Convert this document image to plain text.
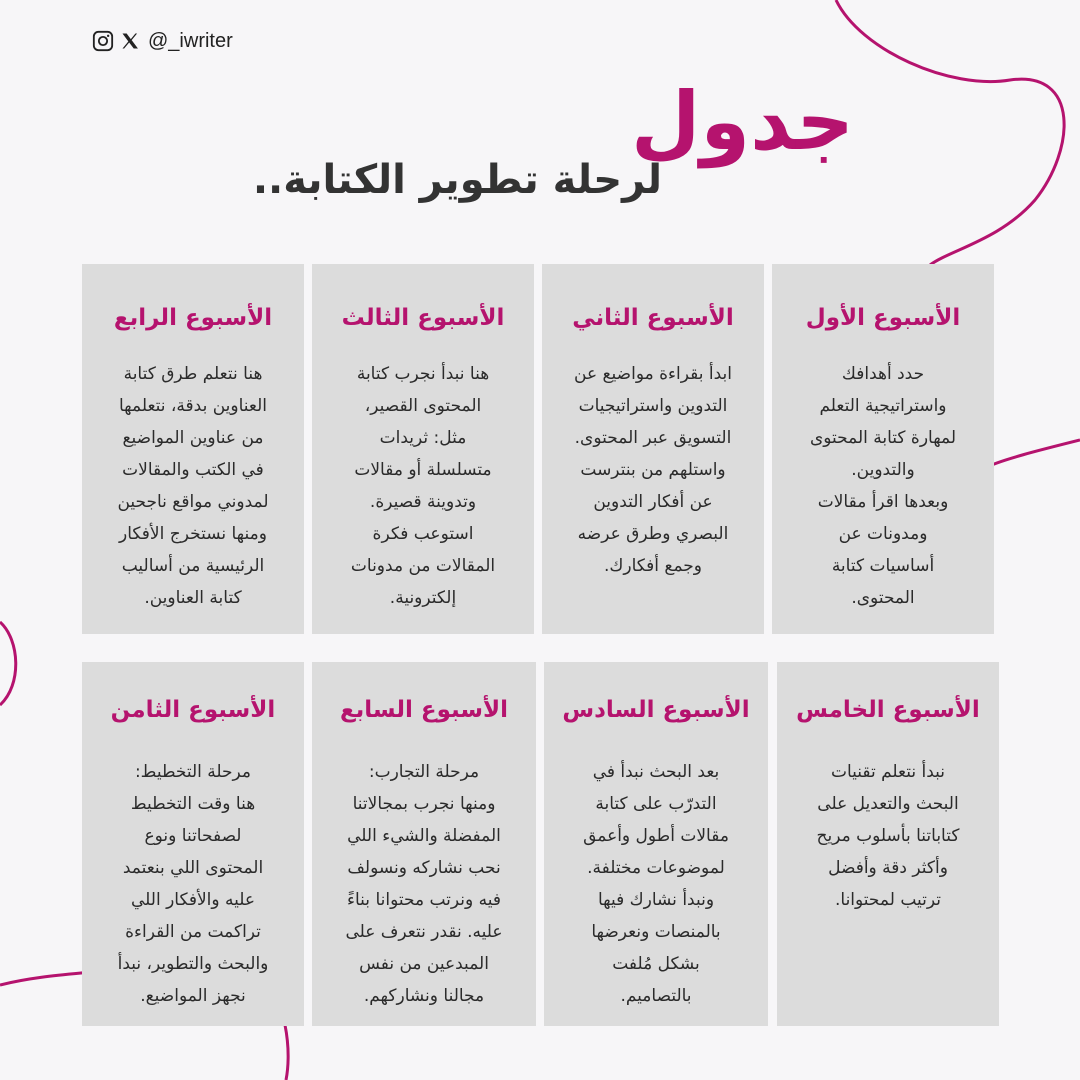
@_iwriter
جدول
لرحلة تطوير الكتابة..
الأسبوع الأول

حدد أهدافك
واستراتيجية التعلم
لمهارة كتابة المحتوى
والتدوين.
وبعدها اقرأ مقالات
ومدونات عن
أساسيات كتابة
المحتوى.

الأسبوع الثاني

ابدأ بقراءة مواضيع عن
التدوين واستراتيجيات
التسويق عبر المحتوى.
واستلهم من بنترست
عن أفكار التدوين
البصري وطرق عرضه
وجمع أفكارك.

الأسبوع الثالث

هنا نبدأ نجرب كتابة
المحتوى القصير،
مثل: ثريدات
متسلسلة أو مقالات
وتدوينة قصيرة.
استوعب فكرة
المقالات من مدونات
إلكترونية.

الأسبوع الرابع

هنا نتعلم طرق كتابة
العناوين بدقة، نتعلمها
من عناوين المواضيع
في الكتب والمقالات
لمدوني مواقع ناجحين
ومنها نستخرج الأفكار
الرئيسية من أساليب
كتابة العناوين.

الأسبوع الخامس

نبدأ نتعلم تقنيات
البحث والتعديل على
كتاباتنا بأسلوب مريح
وأكثر دقة وأفضل
ترتيب لمحتوانا.

الأسبوع السادس

بعد البحث نبدأ في
التدرّب على كتابة
مقالات أطول وأعمق
لموضوعات مختلفة.
ونبدأ نشارك فيها
بالمنصات ونعرضها
بشكل مُلفت
بالتصاميم.

الأسبوع السابع

مرحلة التجارب:
ومنها نجرب بمجالاتنا
المفضلة والشيء اللي
نحب نشاركه ونسولف
فيه ونرتب محتوانا بناءً
عليه. نقدر نتعرف على
المبدعين من نفس
مجالنا ونشاركهم.

الأسبوع الثامن

مرحلة التخطيط:
هنا وقت التخطيط
لصفحاتنا ونوع
المحتوى اللي بنعتمد
عليه والأفكار اللي
تراكمت من القراءة
والبحث والتطوير، نبدأ
نجهز المواضيع.
